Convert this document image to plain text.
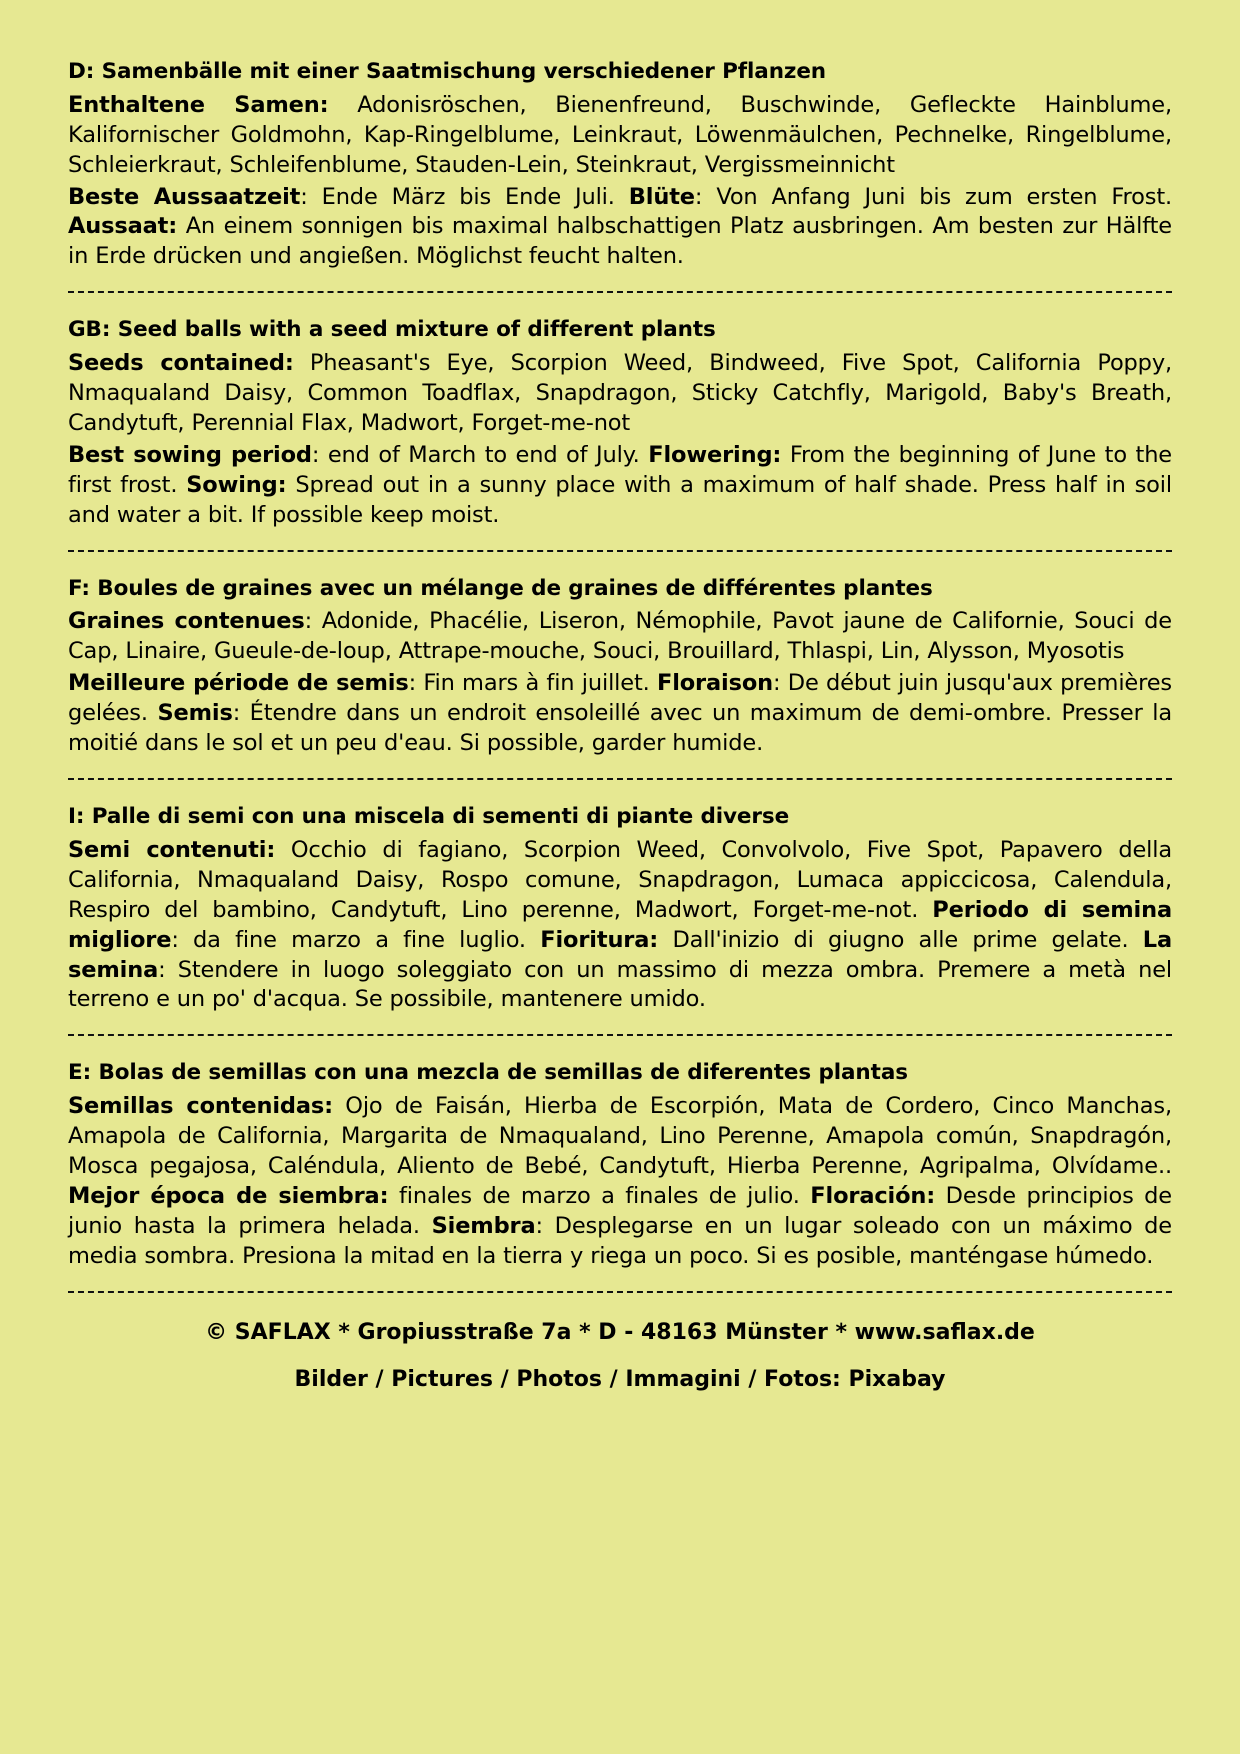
D: Samenbälle mit einer Saatmischung verschiedener Pflanzen
Enthaltene Samen: Adonisröschen, Bienenfreund, Buschwinde, Gefleckte Hainblume, Kalifornischer Goldmohn, Kap-Ringelblume, Leinkraut, Löwenmäulchen, Pechnelke, Ringelblume, Schleierkraut, Schleifenblume, Stauden-Lein, Steinkraut, Vergissmeinnicht
Beste Aussaatzeit: Ende März bis Ende Juli. Blüte: Von Anfang Juni bis zum ersten Frost. Aussaat: An einem sonnigen bis maximal halbschattigen Platz ausbringen. Am besten zur Hälfte in Erde drücken und angießen. Möglichst feucht halten.
GB: Seed balls with a seed mixture of different plants
Seeds contained: Pheasant's Eye, Scorpion Weed, Bindweed, Five Spot, California Poppy, Nmaqualand Daisy, Common Toadflax, Snapdragon, Sticky Catchfly, Marigold, Baby's Breath, Candytuft, Perennial Flax, Madwort, Forget-me-not
Best sowing period: end of March to end of July. Flowering: From the beginning of June to the first frost. Sowing: Spread out in a sunny place with a maximum of half shade. Press half in soil and water a bit. If possible keep moist.
F: Boules de graines avec un mélange de graines de différentes plantes
Graines contenues: Adonide, Phacélie, Liseron, Némophile, Pavot jaune de Californie, Souci de Cap, Linaire, Gueule-de-loup, Attrape-mouche, Souci, Brouillard, Thlaspi, Lin, Alysson, Myosotis
Meilleure période de semis: Fin mars à fin juillet. Floraison: De début juin jusqu'aux premières gelées. Semis: Étendre dans un endroit ensoleillé avec un maximum de demi-ombre. Presser la moitié dans le sol et un peu d'eau. Si possible, garder humide.
I: Palle di semi con una miscela di sementi di piante diverse
Semi contenuti: Occhio di fagiano, Scorpion Weed, Convolvolo, Five Spot, Papavero della California, Nmaqualand Daisy, Rospo comune, Snapdragon, Lumaca appiccicosa, Calendula, Respiro del bambino, Candytuft, Lino perenne, Madwort, Forget-me-not. Periodo di semina migliore: da fine marzo a fine luglio. Fioritura: Dall'inizio di giugno alle prime gelate. La semina: Stendere in luogo soleggiato con un massimo di mezza ombra. Premere a metà nel terreno e un po' d'acqua. Se possibile, mantenere umido.
E: Bolas de semillas con una mezcla de semillas de diferentes plantas
Semillas contenidas: Ojo de Faisán, Hierba de Escorpión, Mata de Cordero, Cinco Manchas, Amapola de California, Margarita de Nmaqualand, Lino Perenne, Amapola común, Snapdragón, Mosca pegajosa, Caléndula, Aliento de Bebé, Candytuft, Hierba Perenne, Agripalma, Olvídame.. Mejor época de siembra: finales de marzo a finales de julio. Floración: Desde principios de junio hasta la primera helada. Siembra: Desplegarse en un lugar soleado con un máximo de media sombra. Presiona la mitad en la tierra y riega un poco. Si es posible, manténgase húmedo.
© SAFLAX * Gropiusstraße 7a * D - 48163 Münster * www.saflax.de
Bilder / Pictures / Photos / Immagini / Fotos: Pixabay
